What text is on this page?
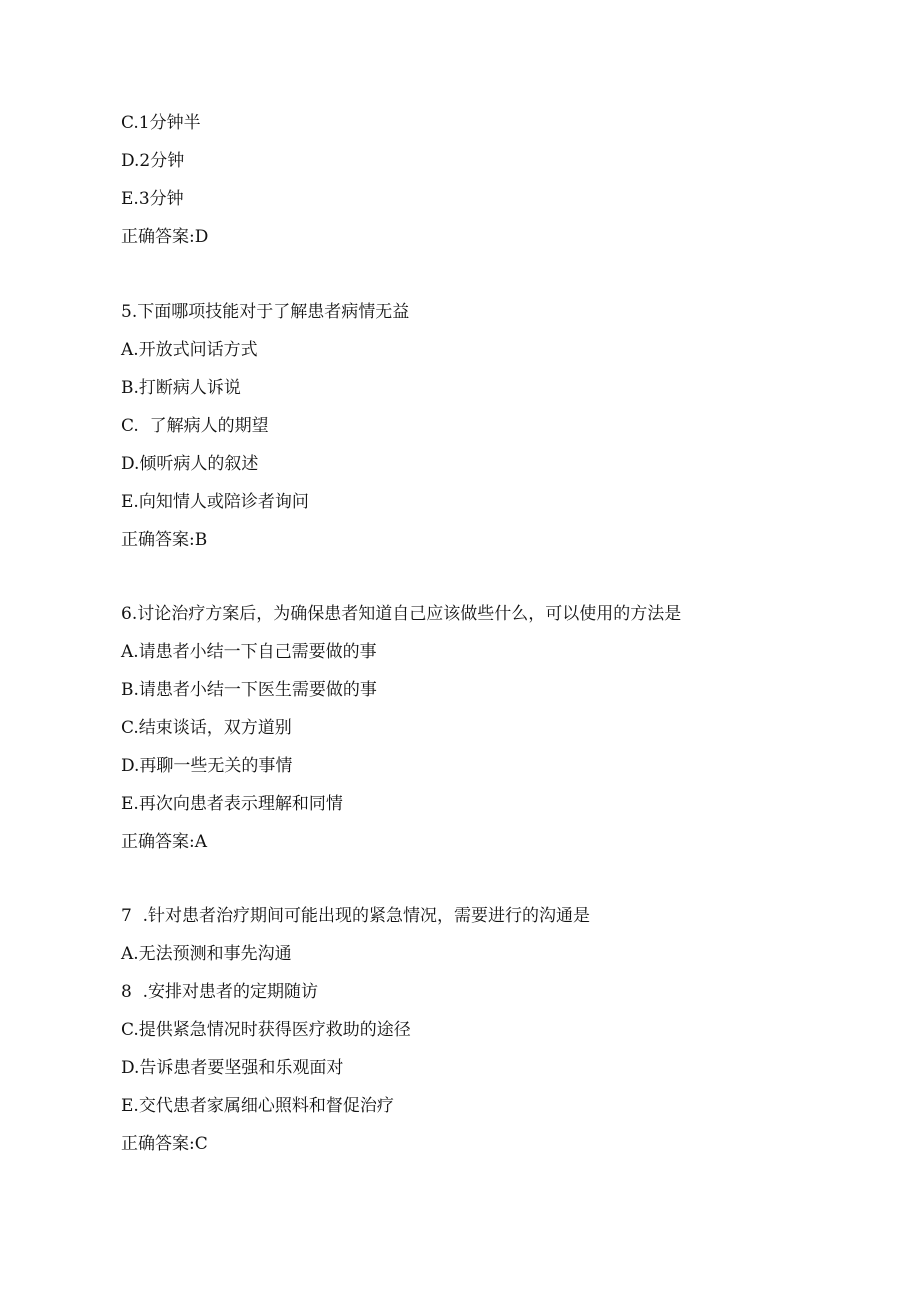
C.1分钟半
D.2分钟
E.3分钟
正确答案:D
5.下面哪项技能对于了解患者病情无益
A.开放式问话方式
B.打断病人诉说
C.  了解病人的期望
D.倾听病人的叙述
E.向知情人或陪诊者询问
正确答案:B
6.讨论治疗方案后，为确保患者知道自己应该做些什么，可以使用的方法是
A.请患者小结一下自己需要做的事
B.请患者小结一下医生需要做的事
C.结束谈话，双方道别
D.再聊一些无关的事情
E.再次向患者表示理解和同情
正确答案:A
7  .针对患者治疗期间可能出现的紧急情况，需要进行的沟通是
A.无法预测和事先沟通
8  .安排对患者的定期随访
C.提供紧急情况时获得医疗救助的途径
D.告诉患者要坚强和乐观面对
E.交代患者家属细心照料和督促治疗
正确答案:C
